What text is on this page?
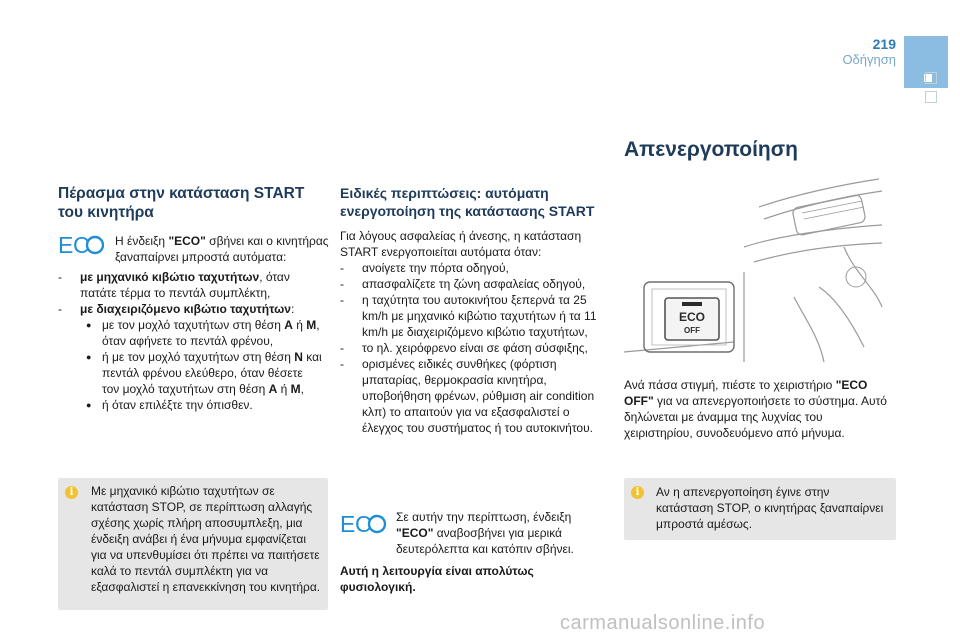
219
Οδήγηση
Απενεργοποίηση
Πέρασμα στην κατάσταση START του κινητήρα
E C Η ένδειξη "ECO" σβήνει και ο κινητήρας
ξαναπαίρνει μπροστά αυτόματα:
- με μηχανικό κιβώτιο ταχυτήτων, όταν πατάτε τέρμα το πεντάλ συμπλέκτη,
- με διαχειριζόμενο κιβώτιο ταχυτήτων:
● με τον μοχλό ταχυτήτων στη θέση A ή M, όταν αφήνετε το πεντάλ φρένου,
● ή με τον μοχλό ταχυτήτων στη θέση N και πεντάλ φρένου ελεύθερο, όταν θέσετε τον μοχλό ταχυτήτων στη θέση A ή M,
● ή όταν επιλέξτε την όπισθεν.
i	Με μηχανικό κιβώτιο ταχυτήτων σε κατάσταση STOP, σε περίπτωση αλλαγής σχέσης χωρίς πλήρη αποσυμπλεξη, μια ένδειξη ανάβει ή ένα μήνυμα εμφανίζεται για να υπενθυμίσει ότι πρέπει να παιτήσετε καλά το πεντάλ συμπλέκτη για να εξασφαλιστεί η επανεκκίνηση του κινητήρα.
Ειδικές περιπτώσεις: αυτόματη ενεργοποίηση της κατάστασης START
Για λόγους ασφαλείας ή άνεσης, η κατάσταση START ενεργοποιείται αυτόματα όταν:
- ανοίγετε την πόρτα οδηγού,
- απασφαλίζετε τη ζώνη ασφαλείας οδηγού,
- η ταχύτητα του αυτοκινήτου ξεπερνά τα 25 km/h με μηχανικό κιβώτιο ταχυτήτων ή τα 11 km/h με διαχειριζόμενο κιβώτιο ταχυτήτων,
- το ηλ. χειρόφρενο είναι σε φάση σύσφιξης,
- ορισμένες ειδικές συνθήκες (φόρτιση μπαταρίας, θερμοκρασία κινητήρα, υποβοήθηση φρένων, ρύθμιση air condition κλπ) το απαιτούν για να εξασφαλιστεί ο έλεγχος του συστήματος ή του αυτοκινήτου.
E C Σε αυτήν την περίπτωση, ένδειξη "ECO" αναβοσβήνει για μερικά δευτερόλεπτα και κατόπιν σβήνει.
Αυτή η λειτουργία είναι απολύτως φυσιολογική.
ECO
OFF
Ανά πάσα στιγμή, πιέστε το χειριστήριο "ECO OFF" για να απενεργοποιήσετε το σύστημα. Αυτό δηλώνεται με άναμμα της λυχνίας του χειριστηρίου, συνοδευόμενο από μήνυμα.
i	Αν η απενεργοποίηση έγινε στην κατάσταση STOP, ο κινητήρας ξαναπαίρνει μπροστά αμέσως.
carmanualsonline.info
